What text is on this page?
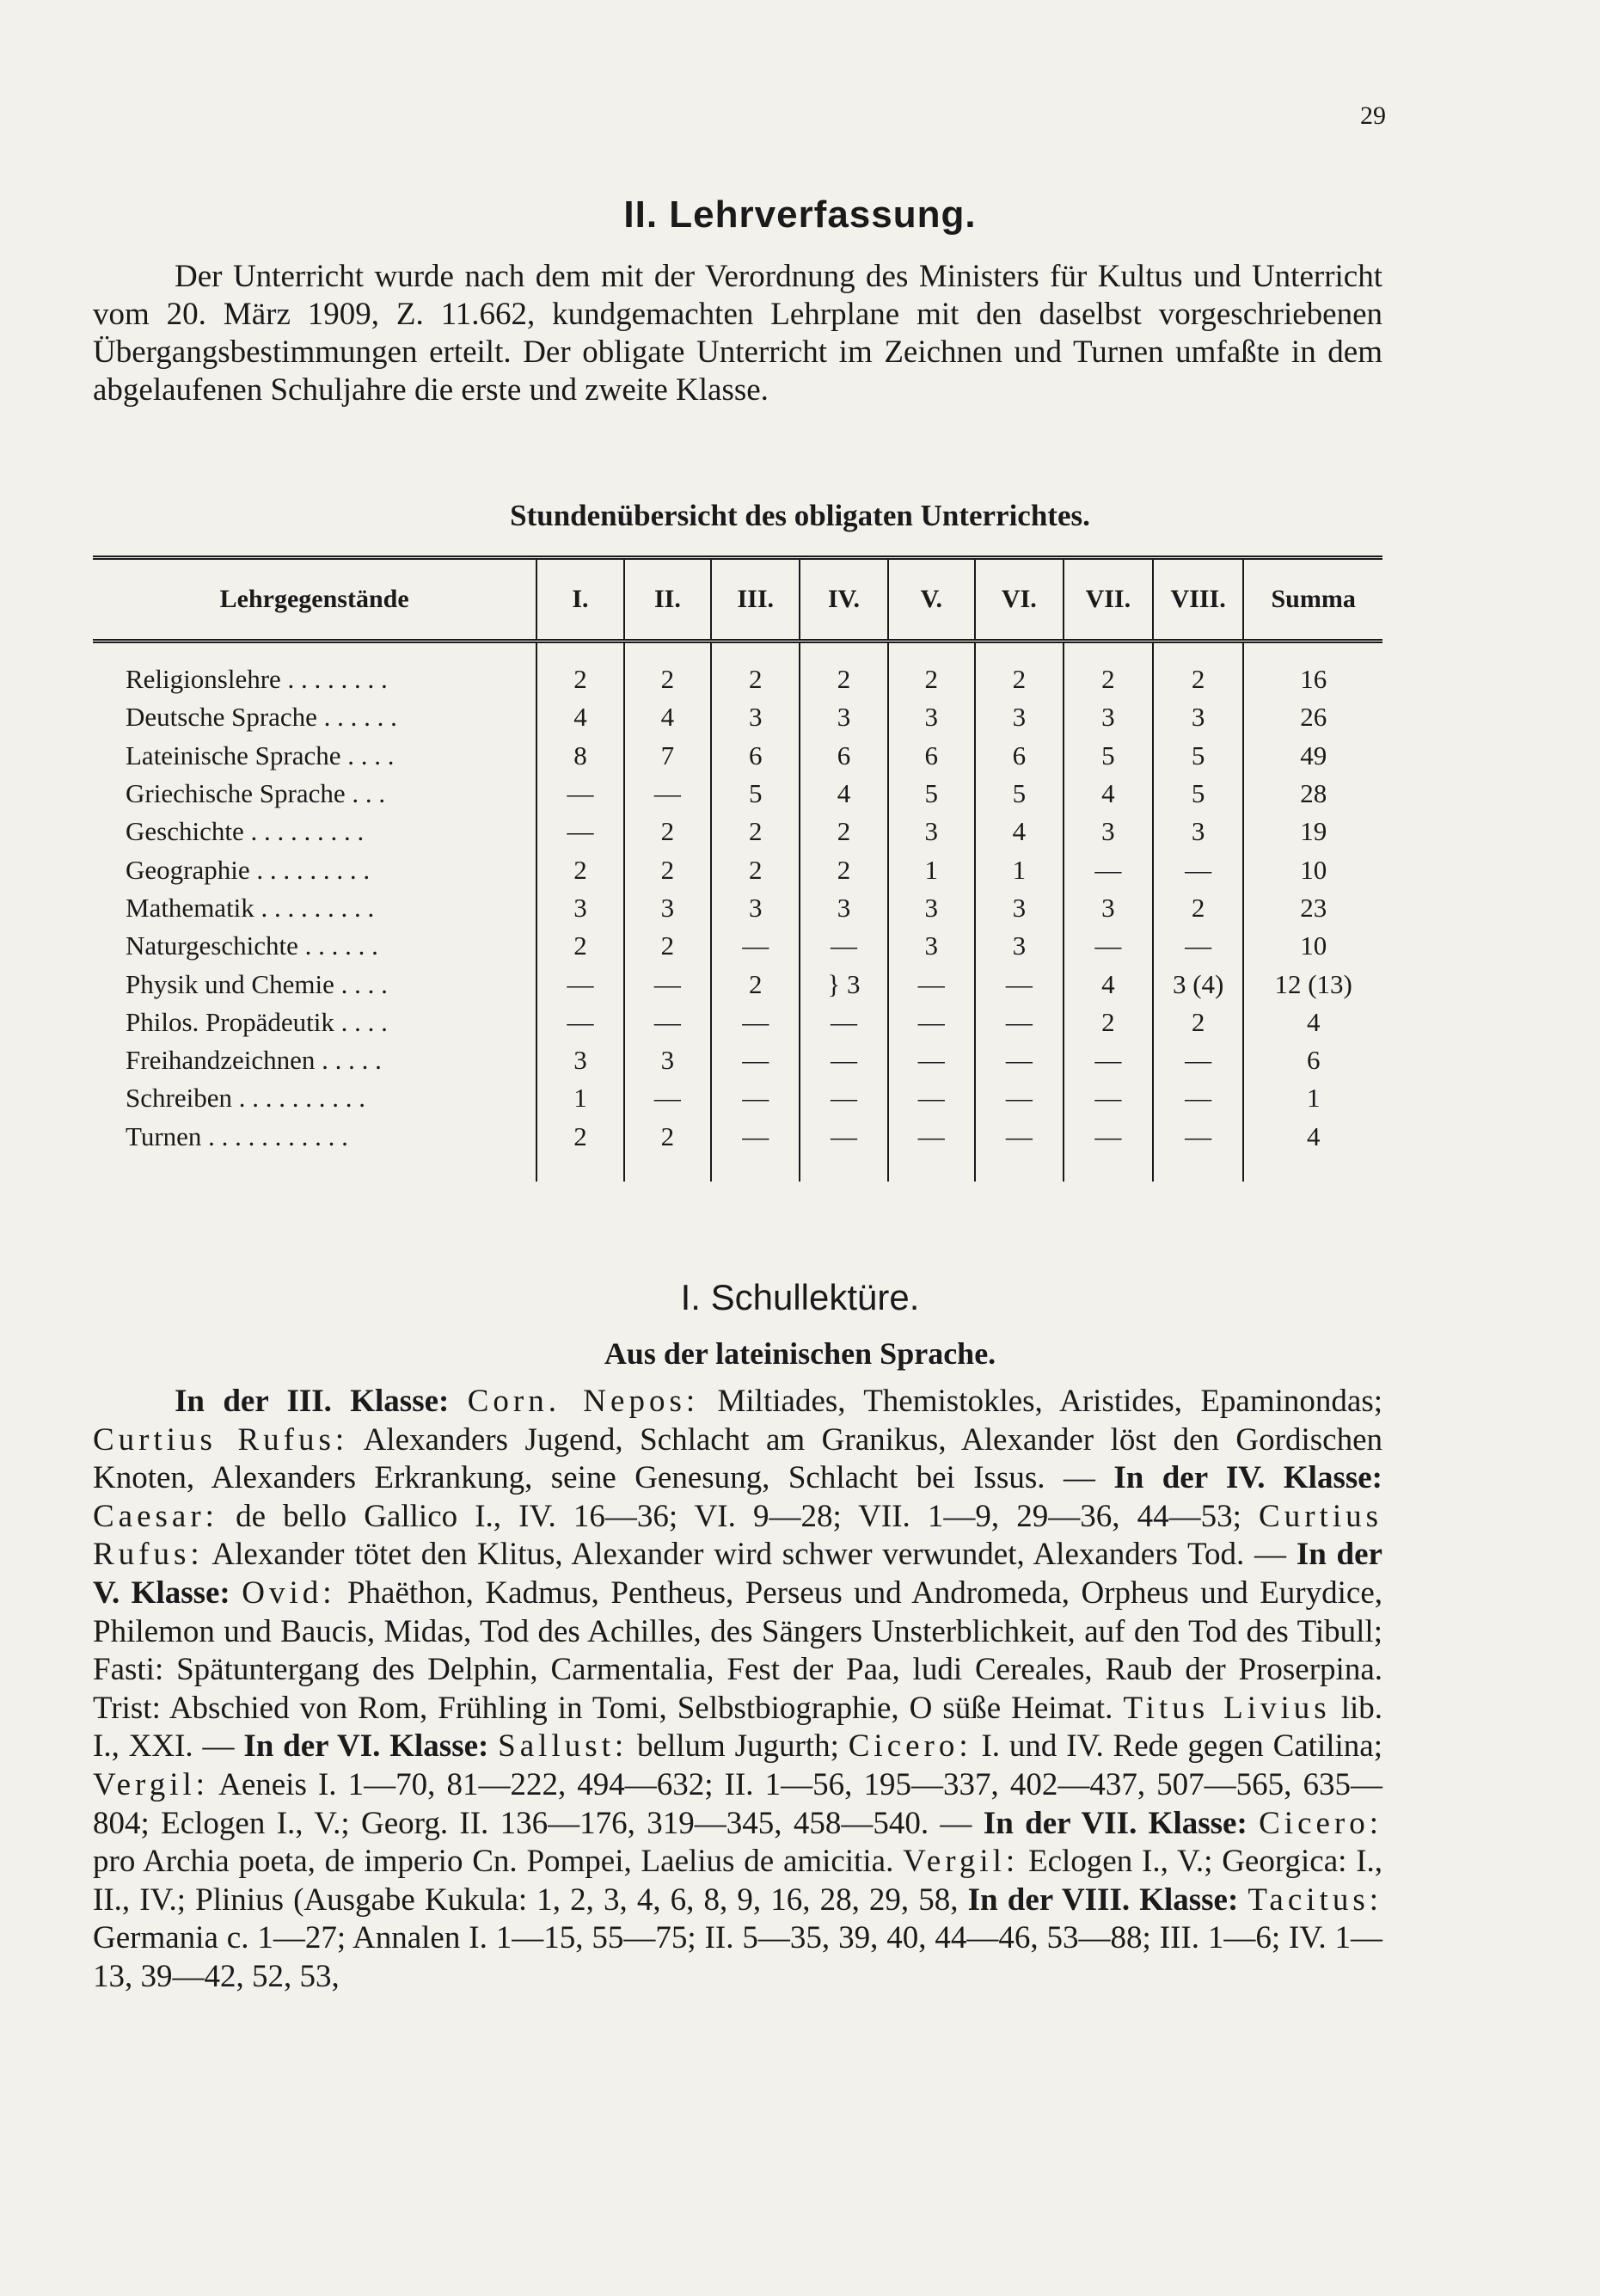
29
II. Lehrverfassung.

Der Unterricht wurde nach dem mit der Verordnung des Ministers für Kultus und Unterricht vom 20. März 1909, Z. 11.662, kundgemachten Lehrplane mit den daselbst vorgeschriebenen Übergangsbestimmungen erteilt. Der obligate Unterricht im Zeichnen und Turnen umfaßte in dem abgelaufenen Schuljahre die erste und zweite Klasse.

Stundenübersicht des obligaten Unterrichtes.
Lehrgegenstände	I.	II.	III.	IV.	V.	VI.	VII.	VIII.	Summa
Religionslehre . . . . . . . .	2	2	2	2	2	2	2	2	16
Deutsche Sprache . . . . . .	4	4	3	3	3	3	3	3	26
Lateinische Sprache . . . .	8	7	6	6	6	6	5	5	49
Griechische Sprache . . .	—	—	5	4	5	5	4	5	28
Geschichte . . . . . . . . .	—	2	2	2	3	4	3	3	19
Geographie . . . . . . . . .	2	2	2	2	1	1	—	—	10
Mathematik . . . . . . . . .	3	3	3	3	3	3	3	2	23
Naturgeschichte . . . . . .	2	2	—	—	3	3	—	—	10
Physik und Chemie . . . .	—	—	2	} 3	—	—	4	3 (4)	12 (13)
Philos. Propädeutik . . . .	—	—	—	—	—	—	2	2	4
Freihandzeichnen . . . . .	3	3	—	—	—	—	—	—	6
Schreiben . . . . . . . . . .	1	—	—	—	—	—	—	—	1
Turnen . . . . . . . . . . .	2	2	—	—	—	—	—	—	4
I. Schullektüre.
Aus der lateinischen Sprache.

In der III. Klasse: Corn. Nepos: Miltiades, Themistokles, Aristides, Epaminondas; Curtius Rufus: Alexanders Jugend, Schlacht am Granikus, Alexander löst den Gordischen Knoten, Alexanders Erkrankung, seine Genesung, Schlacht bei Issus. — In der IV. Klasse: Caesar: de bello Gallico I., IV. 16—36; VI. 9—28; VII. 1—9, 29—36, 44—53; Curtius Rufus: Alexander tötet den Klitus, Alexander wird schwer verwundet, Alexanders Tod. — In der V. Klasse: Ovid: Phaëthon, Kadmus, Pentheus, Perseus und Andromeda, Orpheus und Eurydice, Philemon und Baucis, Midas, Tod des Achilles, des Sängers Unsterblichkeit, auf den Tod des Tibull; Fasti: Spätuntergang des Delphin, Carmentalia, Fest der Paa, ludi Cereales, Raub der Proserpina. Trist: Abschied von Rom, Frühling in Tomi, Selbstbiographie, O süße Heimat. Titus Livius lib. I., XXI. — In der VI. Klasse: Sallust: bellum Jugurth; Cicero: I. und IV. Rede gegen Catilina; Vergil: Aeneis I. 1—70, 81—222, 494—632; II. 1—56, 195—337, 402—437, 507—565, 635—804; Eclogen I., V.; Georg. II. 136—176, 319—345, 458—540. — In der VII. Klasse: Cicero: pro Archia poeta, de imperio Cn. Pompei, Laelius de amicitia. Vergil: Eclogen I., V.; Georgica: I., II., IV.; Plinius (Ausgabe Kukula: 1, 2, 3, 4, 6, 8, 9, 16, 28, 29, 58, In der VIII. Klasse: Tacitus: Germania c. 1—27; Annalen I. 1—15, 55—75; II. 5—35, 39, 40, 44—46, 53—88; III. 1—6; IV. 1—13, 39—42, 52, 53,
